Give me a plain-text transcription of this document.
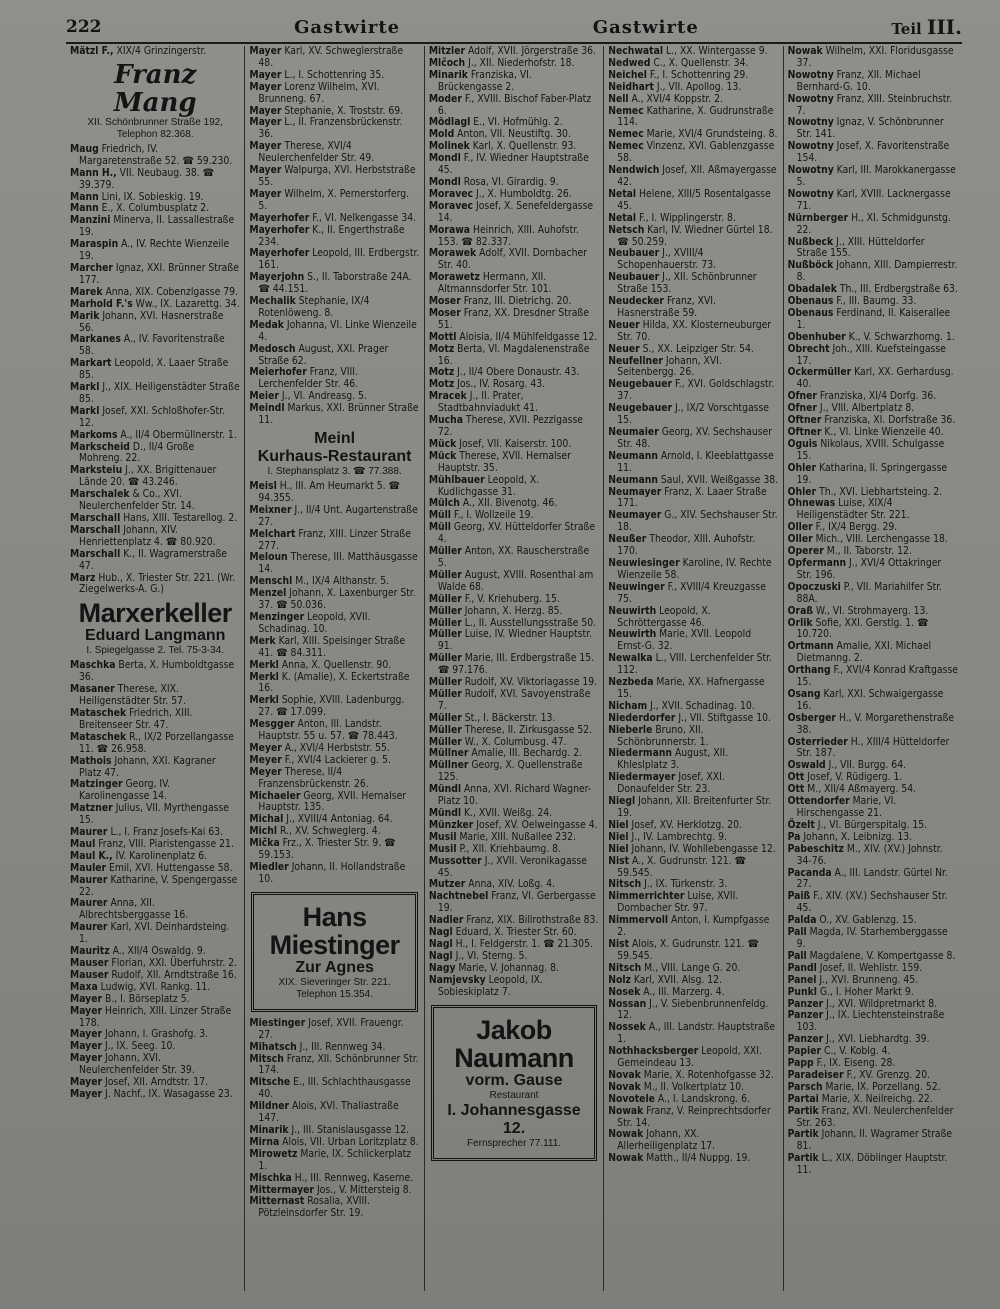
222	Gastwirte	Gastwirte	Teil III.
Mätzl F., XIX/4 Grinzingerstr.
Franz Mang
XII. Schönbrunner Straße 192,
Telephon 82.368.
Maug Friedrich, IV. Margaretenstraße 52. ☎ 59.230.
Mann H., VII. Neubaug. 38. ☎ 39.379.
Mann Lini, IX. Sobieskig. 19.
Mann E., X. Columbusplatz 2.
Manzini Minerva, II. Lassallestraße 19.
Maraspin A., IV. Rechte Wienzeile 19.
Marcher Ignaz, XXI. Brünner Straße 177.
Marek Anna, XIX. Cobenzlgasse 79.
Marhold F.'s Ww., IX. Lazarettg. 34.
Marik Johann, XVI. Hasnerstraße 56.
Markanes A., IV. Favoritenstraße 58.
Markart Leopold, X. Laaer Straße 85.
Markl J., XIX. Heiligenstädter Straße 85.
Markl Josef, XXI. Schloßhofer-Str. 12.
Markoms A., II/4 Obermüllnerstr. 1.
Markscheid D., II/4 Große Mohreng. 22.
Marksteiu J., XX. Brigittenauer Lände 20. ☎ 43.246.
Marschalek & Co., XVI. Neulerchenfelder Str. 14.
Marschall Hans, XIII. Testarellog. 2.
Marschall Johann, XIV. Henriettenplatz 4. ☎ 80.920.
Marschall K., II. Wagramerstraße 47.
Marz Hub., X. Triester Str. 221. (Wr. Ziegelwerks-A. G.)
Marxerkeller
Eduard Langmann
I. Spiegelgasse 2. Tel. 75-3-34.
Maschka Berta, X. Humboldtgasse 36.
Masaner Therese, XIX. Heiligenstädter Str. 57.
Mataschek Friedrich, XIII. Breitenseer Str. 47.
Mataschek R., IX/2 Porzellangasse 11. ☎ 26.958.
Mathois Johann, XXI. Kagraner Platz 47.
Matzinger Georg, IV. Karolinengasse 14.
Matzner Julius, VII. Myrthengasse 15.
Maurer L., I. Franz Josefs-Kai 63.
Maul Franz, VIII. Piaristengasse 21.
Maul K., IV. Karolinenplatz 6.
Mauler Emil, XVI. Huttengasse 58.
Maurer Katharine, V. Spengergasse 22.
Maurer Anna, XII. Albrechtsberggasse 16.
Maurer Karl, XVI. Deinhardsteing. 1.
Mauritz A., XII/4 Oswaldg. 9.
Mauser Florian, XXI. Überfuhrstr. 2.
Mauser Rudolf, XII. Arndtstraße 16.
Maxa Ludwig, XVI. Rankg. 11.
Mayer B., I. Börseplatz 5.
Mayer Heinrich, XIII. Linzer Straße 178.
Mayer Johann, I. Grashofg. 3.
Mayer J., IX. Seeg. 10.
Mayer Johann, XVI. Neulerchenfelder Str. 39.
Mayer Josef, XII. Arndtstr. 17.
Mayer J. Nachf., IX. Wasagasse 23.
Mayer Karl, XV. Schweglerstraße 48.
Mayer L., I. Schottenring 35.
Mayer Lorenz Wilhelm, XVI. Brunneng. 67.
Mayer Stephanie, X. Troststr. 69.
Mayer L., II. Franzensbrückenstr. 36.
Mayer Therese, XVI/4 Neulerchenfelder Str. 49.
Mayer Walpurga, XVI. Herbststraße 55.
Mayer Wilhelm, X. Pernerstorferg. 5.
Mayerhofer F., VI. Nelkengasse 34.
Mayerhofer K., II. Engerthstraße 234.
Mayerhofer Leopold, III. Erdbergstr. 161.
Mayerjohn S., II. Taborstraße 24A. ☎ 44.151.
Mechalik Stephanie, IX/4 Rotenlöweng. 8.
Medak Johanna, VI. Linke Wienzeile 4.
Medosch August, XXI. Prager Straße 62.
Meierhofer Franz, VIII. Lerchenfelder Str. 46.
Meier J., VI. Andreasg. 5.
Meindl Markus, XXI. Brünner Straße 11.
Meinl
Kurhaus-Restaurant
I. Stephansplatz 3. ☎ 77.388.
Meisl H., III. Am Heumarkt 5. ☎ 94.355.
Meixner J., II/4 Unt. Augartenstraße 27.
Melchart Franz, XIII. Linzer Straße 277.
Meloun Therese, III. Matthäusgasse 14.
Menschl M., IX/4 Althanstr. 5.
Menzel Johann, X. Laxenburger Str. 37. ☎ 50.036.
Menzinger Leopold, XVII. Schadinag. 10.
Merk Karl, XIII. Speisinger Straße 41. ☎ 84.311.
Merkl Anna, X. Quellenstr. 90.
Merkl K. (Amalie), X. Eckertstraße 16.
Merkl Sophie, XVIII. Ladenburgg. 27. ☎ 17.099.
Mesgger Anton, III. Landstr. Hauptstr. 55 u. 57. ☎ 78.443.
Meyer A., XVI/4 Herbststr. 55.
Meyer F., XVI/4 Lackierer g. 5.
Meyer Therese, II/4 Franzensbrückenstr. 26.
Michaeler Georg, XVII. Hernalser Hauptstr. 135.
Michal J., XVIII/4 Antoniag. 64.
Michl R., XV. Schweglerg. 4.
Mička Frz., X. Triester Str. 9. ☎ 59.153.
Miedler Johann, II. Hollandstraße 10.
Hans Miestinger
Zur Agnes
XIX. Sieveringer Str. 221. Telephon 15.354.
Miestinger Josef, XVII. Frauengr. 27.
Mihatsch J., III. Rennweg 34.
Mitsch Franz, XII. Schönbrunner Str. 174.
Mitsche E., III. Schlachthausgasse 40.
Mildner Alois, XVI. Thaliastraße 147.
Minarik J., III. Stanislausgasse 12.
Mirna Alois, VII. Urban Loritzplatz 8.
Mirowetz Marie, IX. Schlickerplatz 1.
Mischka H., III. Rennweg, Kaserne.
Mittermayer Jos., V. Mittersteig 8.
Mitternast Rosalia, XVIII. Pötzleinsdorfer Str. 19.
Mitzler Adolf, XVII. Jörgerstraße 36.
Mlčoch J., XII. Niederhofstr. 18.
Minarik Franziska, VI. Brückengasse 2.
Moder F., XVIII. Bischof Faber-Platz 6.
Mödlagl E., VI. Hofmühlg. 2.
Mold Anton, VII. Neustiftg. 30.
Molinek Karl, X. Quellenstr. 93.
Mondl F., IV. Wiedner Hauptstraße 45.
Mondl Rosa, VI. Girardig. 9.
Moravec J., X. Humboldtg. 26.
Moravec Josef, X. Senefeldergasse 14.
Morawa Heinrich, XIII. Auhofstr. 153. ☎ 82.337.
Morawek Adolf, XVII. Dornbacher Str. 40.
Morawetz Hermann, XII. Altmannsdorfer Str. 101.
Moser Franz, III. Dietrichg. 20.
Moser Franz, XX. Dresdner Straße 51.
Mottl Aloisia, II/4 Mühlfeldgasse 12.
Motz Berta, VI. Magdalenenstraße 16.
Motz J., II/4 Obere Donaustr. 43.
Motz Jos., IV. Rosarg. 43.
Mracek J., II. Prater, Stadtbahnviadukt 41.
Mucha Therese, XVII. Pezzlgasse 72.
Mück Josef, VII. Kaiserstr. 100.
Mück Therese, XVII. Hernalser Hauptstr. 35.
Mühlbauer Leopold, X. Kudlichgasse 31.
Mülch A., XII. Bivenotg. 46.
Müll F., I. Wollzeile 19.
Müll Georg, XV. Hütteldorfer Straße 4.
Müller Anton, XX. Rauscherstraße 5.
Müller August, XVIII. Rosenthal am Walde 68.
Müller F., V. Kriehuberg. 15.
Müller Johann, X. Herzg. 85.
Müller L., II. Ausstellungsstraße 50.
Müller Luise, IV. Wiedner Hauptstr. 91.
Müller Marie, III. Erdbergstraße 15. ☎ 97.176.
Müller Rudolf, XV. Viktoriagasse 19.
Müller Rudolf, XVI. Savoyenstraße 7.
Müller St., I. Bäckerstr. 13.
Müller Therese, II. Zirkusgasse 52.
Müller W., X. Columbusg. 47.
Müllner Amalie, III. Bechardg. 2.
Müllner Georg, X. Quellenstraße 125.
Mündl Anna, XVI. Richard Wagner-Platz 10.
Mündl K., XVII. Weißg. 24.
Münzker Josef, XV. Oelweingasse 4.
Musil Marie, XIII. Nußallee 232.
Musil P., XII. Kriehbaumg. 8.
Mussotter J., XVII. Veronikagasse 45.
Mutzer Anna, XIV. Loßg. 4.
Nachtnebel Franz, VI. Gerbergasse 19.
Nadler Franz, XIX. Billrothstraße 83.
Nagl Eduard, X. Triester Str. 60.
Nagl H., I. Feldgerstr. 1. ☎ 21.305.
Nagl J., VI. Sterng. 5.
Nagy Marie, V. Johannag. 8.
Namjevsky Leopold, IX. Sobieskiplatz 7.
Jakob Naumann
vorm. Gause
Restaurant
I. Johannesgasse 12.
Fernsprecher 77.111.
Nechwatal L., XX. Wintergasse 9.
Nedwed C., X. Quellenstr. 34.
Neichel F., I. Schottenring 29.
Neidhart J., VII. Apollog. 13.
Nell A., XVI/4 Koppstr. 2.
Nemec Katharine, X. Gudrunstraße 114.
Nemec Marie, XVI/4 Grundsteing. 8.
Nemec Vinzenz, XVI. Gablenzgasse 58.
Nendwich Josef, XII. Aßmayergasse 42.
Netal Helene, XIII/5 Rosentalgasse 45.
Netal F., I. Wipplingerstr. 8.
Netsch Karl, IV. Wiedner Gürtel 18. ☎ 50.259.
Neubauer J., XVIII/4 Schopenhauerstr. 73.
Neubauer J., XII. Schönbrunner Straße 153.
Neudecker Franz, XVI. Hasnerstraße 59.
Neuer Hilda, XX. Klosterneuburger Str. 70.
Neuer S., XX. Leipziger Str. 54.
Neufellner Johann, XVI. Seitenbergg. 26.
Neugebauer F., XVI. Goldschlagstr. 37.
Neugebauer J., IX/2 Vorschtgasse 15.
Neumaier Georg, XV. Sechshauser Str. 48.
Neumann Arnold, I. Kleeblattgasse 11.
Neumann Saul, XVII. Weißgasse 38.
Neumayer Franz, X. Laaer Straße 171.
Neumayer G., XIV. Sechshauser Str. 18.
Neußer Theodor, XIII. Auhofstr. 170.
Neuwiesinger Karoline, IV. Rechte Wienzeile 58.
Neuwinger F., XVIII/4 Kreuzgasse 75.
Neuwirth Leopold, X. Schröttergasse 46.
Neuwirth Marie, XVII. Leopold Ernst-G. 32.
Newalka L., VIII. Lerchenfelder Str. 112.
Nezbeda Marie, XX. Hafnergasse 15.
Nicham J., XVII. Schadinag. 10.
Niederdorfer J., VII. Stiftgasse 10.
Nieberle Bruno, XII. Schönbrunnerstr. 1.
Niedermann August, XII. Khleslplatz 3.
Niedermayer Josef, XXI. Donaufelder Str. 23.
Niegl Johann, XII. Breitenfurter Str. 19.
Niel Josef, XV. Herklotzg. 20.
Niel J., IV. Lambrechtg. 9.
Niel Johann, IV. Wohllebengasse 12.
Nist A., X. Gudrunstr. 121. ☎ 59.545.
Nitsch J., IX. Türkenstr. 3.
Nimmerrichter Luise, XVII. Dornbacher Str. 97.
Nimmervoll Anton, I. Kumpfgasse 2.
Nist Alois, X. Gudrunstr. 121. ☎ 59.545.
Nitsch M., VIII. Lange G. 20.
Nolz Karl, XVII. Alsg. 12.
Nosek A., III. Marzerg. 4.
Nossan J., V. Siebenbrunnenfeldg. 12.
Nossek A., III. Landstr. Hauptstraße 1.
Nothhacksberger Leopold, XXI. Gemeindeau 13.
Novak Marie, X. Rotenhofgasse 32.
Novak M., II. Volkertplatz 10.
Novotele A., I. Landskrong. 6.
Nowak Franz, V. Reinprechtsdorfer Str. 14.
Nowak Johann, XX. Allerheiligenplatz 17.
Nowak Matth., II/4 Nuppg. 19.
Nowak Wilhelm, XXI. Floridusgasse 37.
Nowotny Franz, XII. Michael Bernhard-G. 10.
Nowotny Franz, XIII. Steinbruchstr. 7.
Nowotny Ignaz, V. Schönbrunner Str. 141.
Nowotny Josef, X. Favoritenstraße 154.
Nowotny Karl, III. Marokkanergasse 5.
Nowotny Karl, XVIII. Lacknergasse 71.
Nürnberger H., XI. Schmidgunstg. 22.
Nußbeck J., XIII. Hütteldorfer Straße 155.
Nußböck Johann, XIII. Dampierrestr. 8.
Obadalek Th., III. Erdbergstraße 63.
Obenaus F., III. Baumg. 33.
Obenaus Ferdinand, II. Kaiserallee 1.
Obenhuber K., V. Schwarzhorng. 1.
Obrecht Joh., XIII. Kuefsteingasse 17.
Ockermüller Karl, XX. Gerhardusg. 40.
Ofner Franziska, XI/4 Dorfg. 36.
Ofner J., VIII. Albertplatz 8.
Oftner Franziska, XI. Dorfstraße 36.
Oftner K., VI. Linke Wienzeile 40.
Oguis Nikolaus, XVIII. Schulgasse 15.
Ohler Katharina, II. Springergasse 19.
Ohler Th., XVI. Liebhartsteing. 2.
Ohnewas Luise, XIX/4 Heiligenstädter Str. 221.
Oller F., IX/4 Bergg. 29.
Oller Mich., VIII. Lerchengasse 18.
Operer M., II. Taborstr. 12.
Opfermann J., XVI/4 Ottakringer Str. 196.
Opoczuski P., VII. Mariahilfer Str. 88A.
Oraß W., VI. Strohmayerg. 13.
Orlik Sofie, XXI. Gerstlg. 1. ☎ 10.720.
Ortmann Amalie, XXI. Michael Dietmanng. 2.
Orthang F., XVI/4 Konrad Kraftgasse 15.
Osang Karl, XXI. Schwaigergasse 16.
Osberger H., V. Morgarethenstraße 38.
Osterrieder H., XIII/4 Hütteldorfer Str. 187.
Oswald J., VII. Burgg. 64.
Ott Josef, V. Rüdigerg. 1.
Ott M., XII/4 Aßmayerg. 54.
Ottendorfer Marie, VI. Hirschengasse 21.
Özelt J., VI. Bürgerspitalg. 15.
Pa Johann, X. Leibnizg. 13.
Pabeschitz M., XIV. (XV.) Johnstr. 34-76.
Pacanda A., III. Landstr. Gürtel Nr. 27.
Paiß F., XIV. (XV.) Sechshauser Str. 45.
Palda O., XV. Gablenzg. 15.
Pall Magda, IV. Starhemberggasse 9.
Pall Magdalene, V. Kompertgasse 8.
Pandl Josef, II. Wehlistr. 159.
Panel J., XVI. Brunneng. 45.
Punkl G., I. Hoher Markt 9.
Panzer J., XVI. Wildpretmarkt 8.
Panzer J., IX. Liechtensteinstraße 103.
Panzer J., XVI. Liebhardtg. 39.
Papier C., V. Koblg. 4.
Papp F., IX. Eiseng. 28.
Paradeiser F., XV. Grenzg. 20.
Parsch Marie, IX. Porzellang. 52.
Partai Marie, X. Neilreichg. 22.
Partik Franz, XVI. Neulerchenfelder Str. 263.
Partik Johann, II. Wagramer Straße 81.
Partik L., XIX. Döblinger Hauptstr. 11.
